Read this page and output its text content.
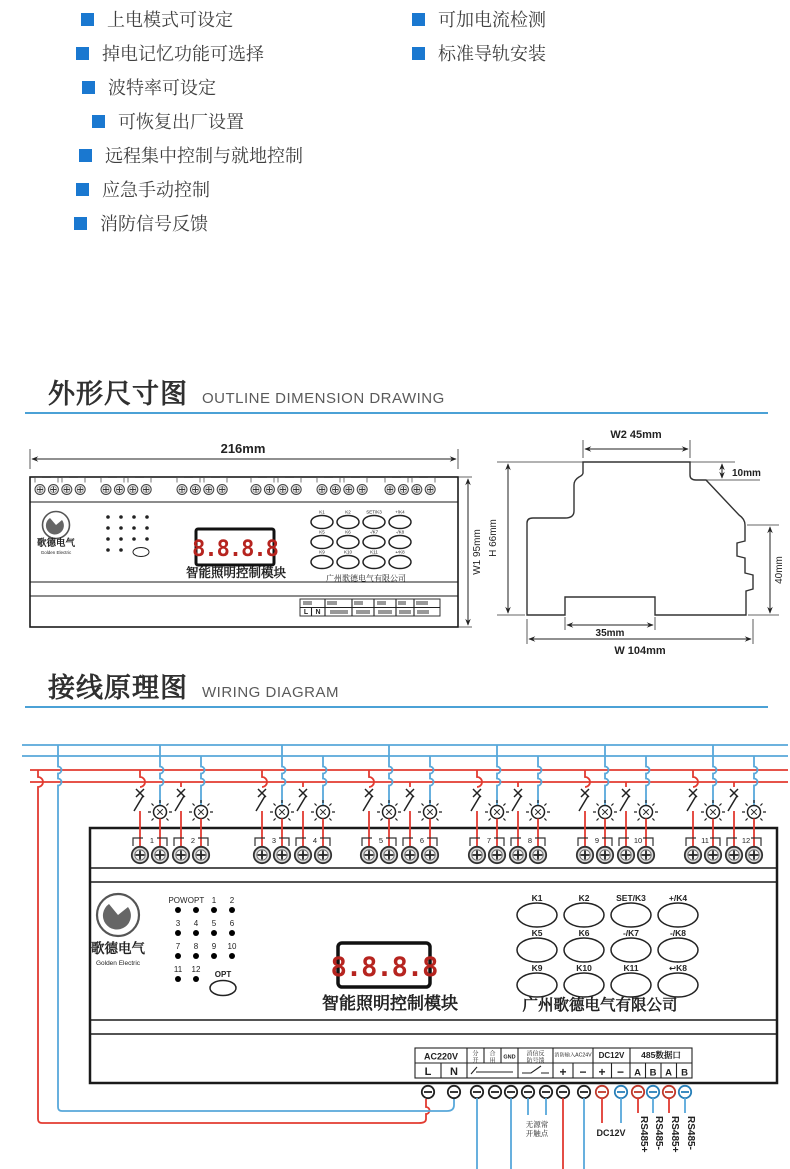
上电模式可设定
掉电记忆功能可选择
波特率可设定
可恢复出厂设置
远程集中控制与就地控制
应急手动控制
消防信号反馈
可加电流检测
标准导轨安装
外形尺寸图 OUTLINE DIMENSION DRAWING
216mm
歌德电气
Golden Electric	8.8.8.8
智能照明控制模块
K1	K2	SET/K3	+/K4
K5	K6	-/K7	-/K8
K9	K10	K11	↩K8
广州歌德电气有限公司
L N
W1 95mm
W2 45mm
10mm
H 66mm
40mm
35mm
W 104mm
接线原理图 WIRING DIAGRAM
1	2	3	4	5	6	7	8	9	10	11	12
歌德电气
Golden Electric
POW OPT 1 2
3 4 5 6
7 8 9 10
11 12
OPT	8.8.8.8
智能照明控制模块
K1	K2	SET/K3	+/K4
K5	K6	-/K7	-/K8
K9	K10	K11	↩K8
广州歌德电气有限公司
AC220V
L N
分
开
合
用
GND 消信反
防号馈
消防输入AC24V
+ −
DC12V
+ −
485数据口
A B A B
无源常
开触点	DC12V RS485+ RS485- RS485+ RS485-
